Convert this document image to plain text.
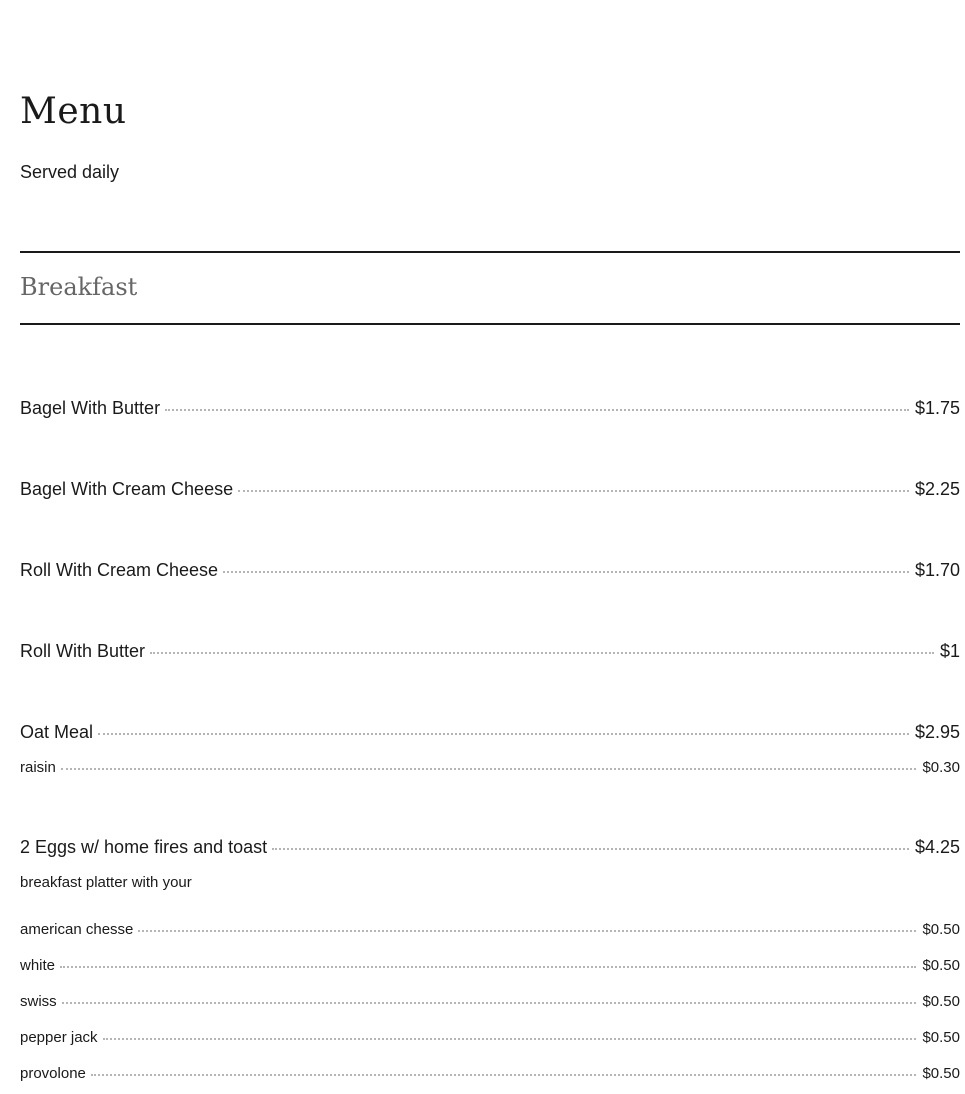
Menu
Served daily
Breakfast
Bagel With Butter	$1.75
Bagel With Cream Cheese	$2.25
Roll With Cream Cheese	$1.70
Roll With Butter	$1
Oat Meal	$2.95
raisin	$0.30
2 Eggs w/ home fires and toast	$4.25
breakfast platter with your
american chesse	$0.50
white	$0.50
swiss	$0.50
pepper jack	$0.50
provolone	$0.50
